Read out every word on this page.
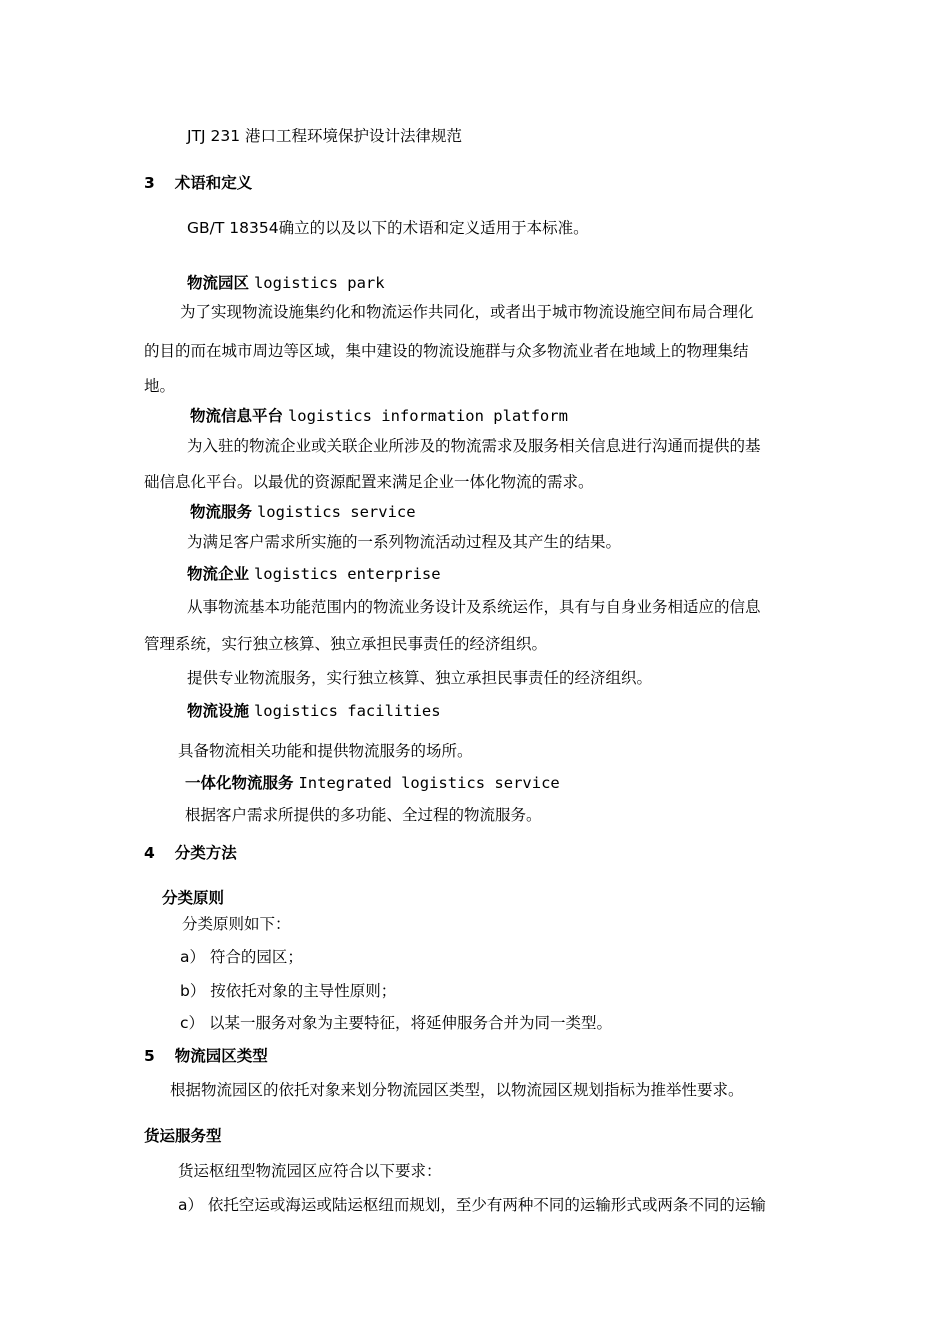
JTJ 231 港口工程环境保护设计法律规范
3 术语和定义
GB/T 18354确立的以及以下的术语和定义适用于本标准。
物流园区 logistics park
为了实现物流设施集约化和物流运作共同化，或者出于城市物流设施空间布局合理化
的目的而在城市周边等区域，集中建设的物流设施群与众多物流业者在地域上的物理集结
地。
物流信息平台 logistics information platform
为入驻的物流企业或关联企业所涉及的物流需求及服务相关信息进行沟通而提供的基
础信息化平台。以最优的资源配置来满足企业一体化物流的需求。
物流服务 logistics service
为满足客户需求所实施的一系列物流活动过程及其产生的结果。
物流企业 logistics enterprise
从事物流基本功能范围内的物流业务设计及系统运作，具有与自身业务相适应的信息
管理系统，实行独立核算、独立承担民事责任的经济组织。
提供专业物流服务，实行独立核算、独立承担民事责任的经济组织。
物流设施 logistics facilities
具备物流相关功能和提供物流服务的场所。
一体化物流服务 Integrated logistics service
根据客户需求所提供的多功能、全过程的物流服务。
4 分类方法
分类原则
分类原则如下：
a） 符合的园区；
b） 按依托对象的主导性原则；
c） 以某一服务对象为主要特征，将延伸服务合并为同一类型。
5 物流园区类型
根据物流园区的依托对象来划分物流园区类型，以物流园区规划指标为推举性要求。
货运服务型
货运枢纽型物流园区应符合以下要求：
a） 依托空运或海运或陆运枢纽而规划，至少有两种不同的运输形式或两条不同的运输
